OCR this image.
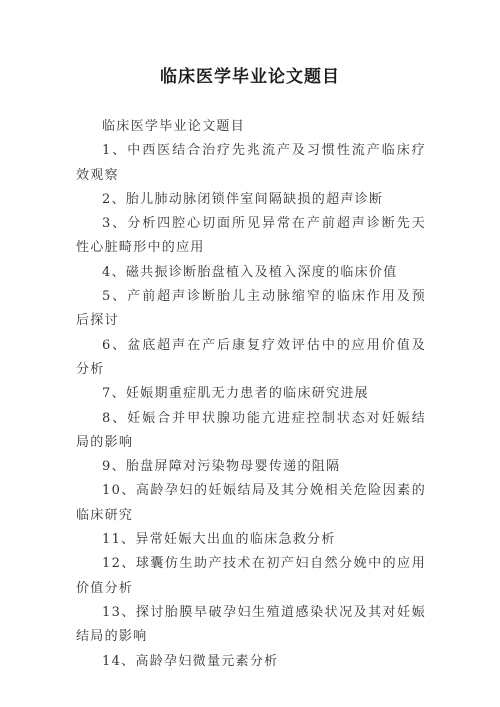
临床医学毕业论文题目

临床医学毕业论文题目

1、中西医结合治疗先兆流产及习惯性流产临床疗效观察

2、胎儿肺动脉闭锁伴室间隔缺损的超声诊断

3、分析四腔心切面所见异常在产前超声诊断先天性心脏畸形中的应用

4、磁共振诊断胎盘植入及植入深度的临床价值

5、产前超声诊断胎儿主动脉缩窄的临床作用及预后探讨

6、盆底超声在产后康复疗效评估中的应用价值及分析

7、妊娠期重症肌无力患者的临床研究进展

8、妊娠合并甲状腺功能亢进症控制状态对妊娠结局的影响

9、胎盘屏障对污染物母婴传递的阻隔

10、高龄孕妇的妊娠结局及其分娩相关危险因素的临床研究

11、异常妊娠大出血的临床急救分析

12、球囊仿生助产技术在初产妇自然分娩中的应用价值分析

13、探讨胎膜早破孕妇生殖道感染状况及其对妊娠结局的影响

14、高龄孕妇微量元素分析
